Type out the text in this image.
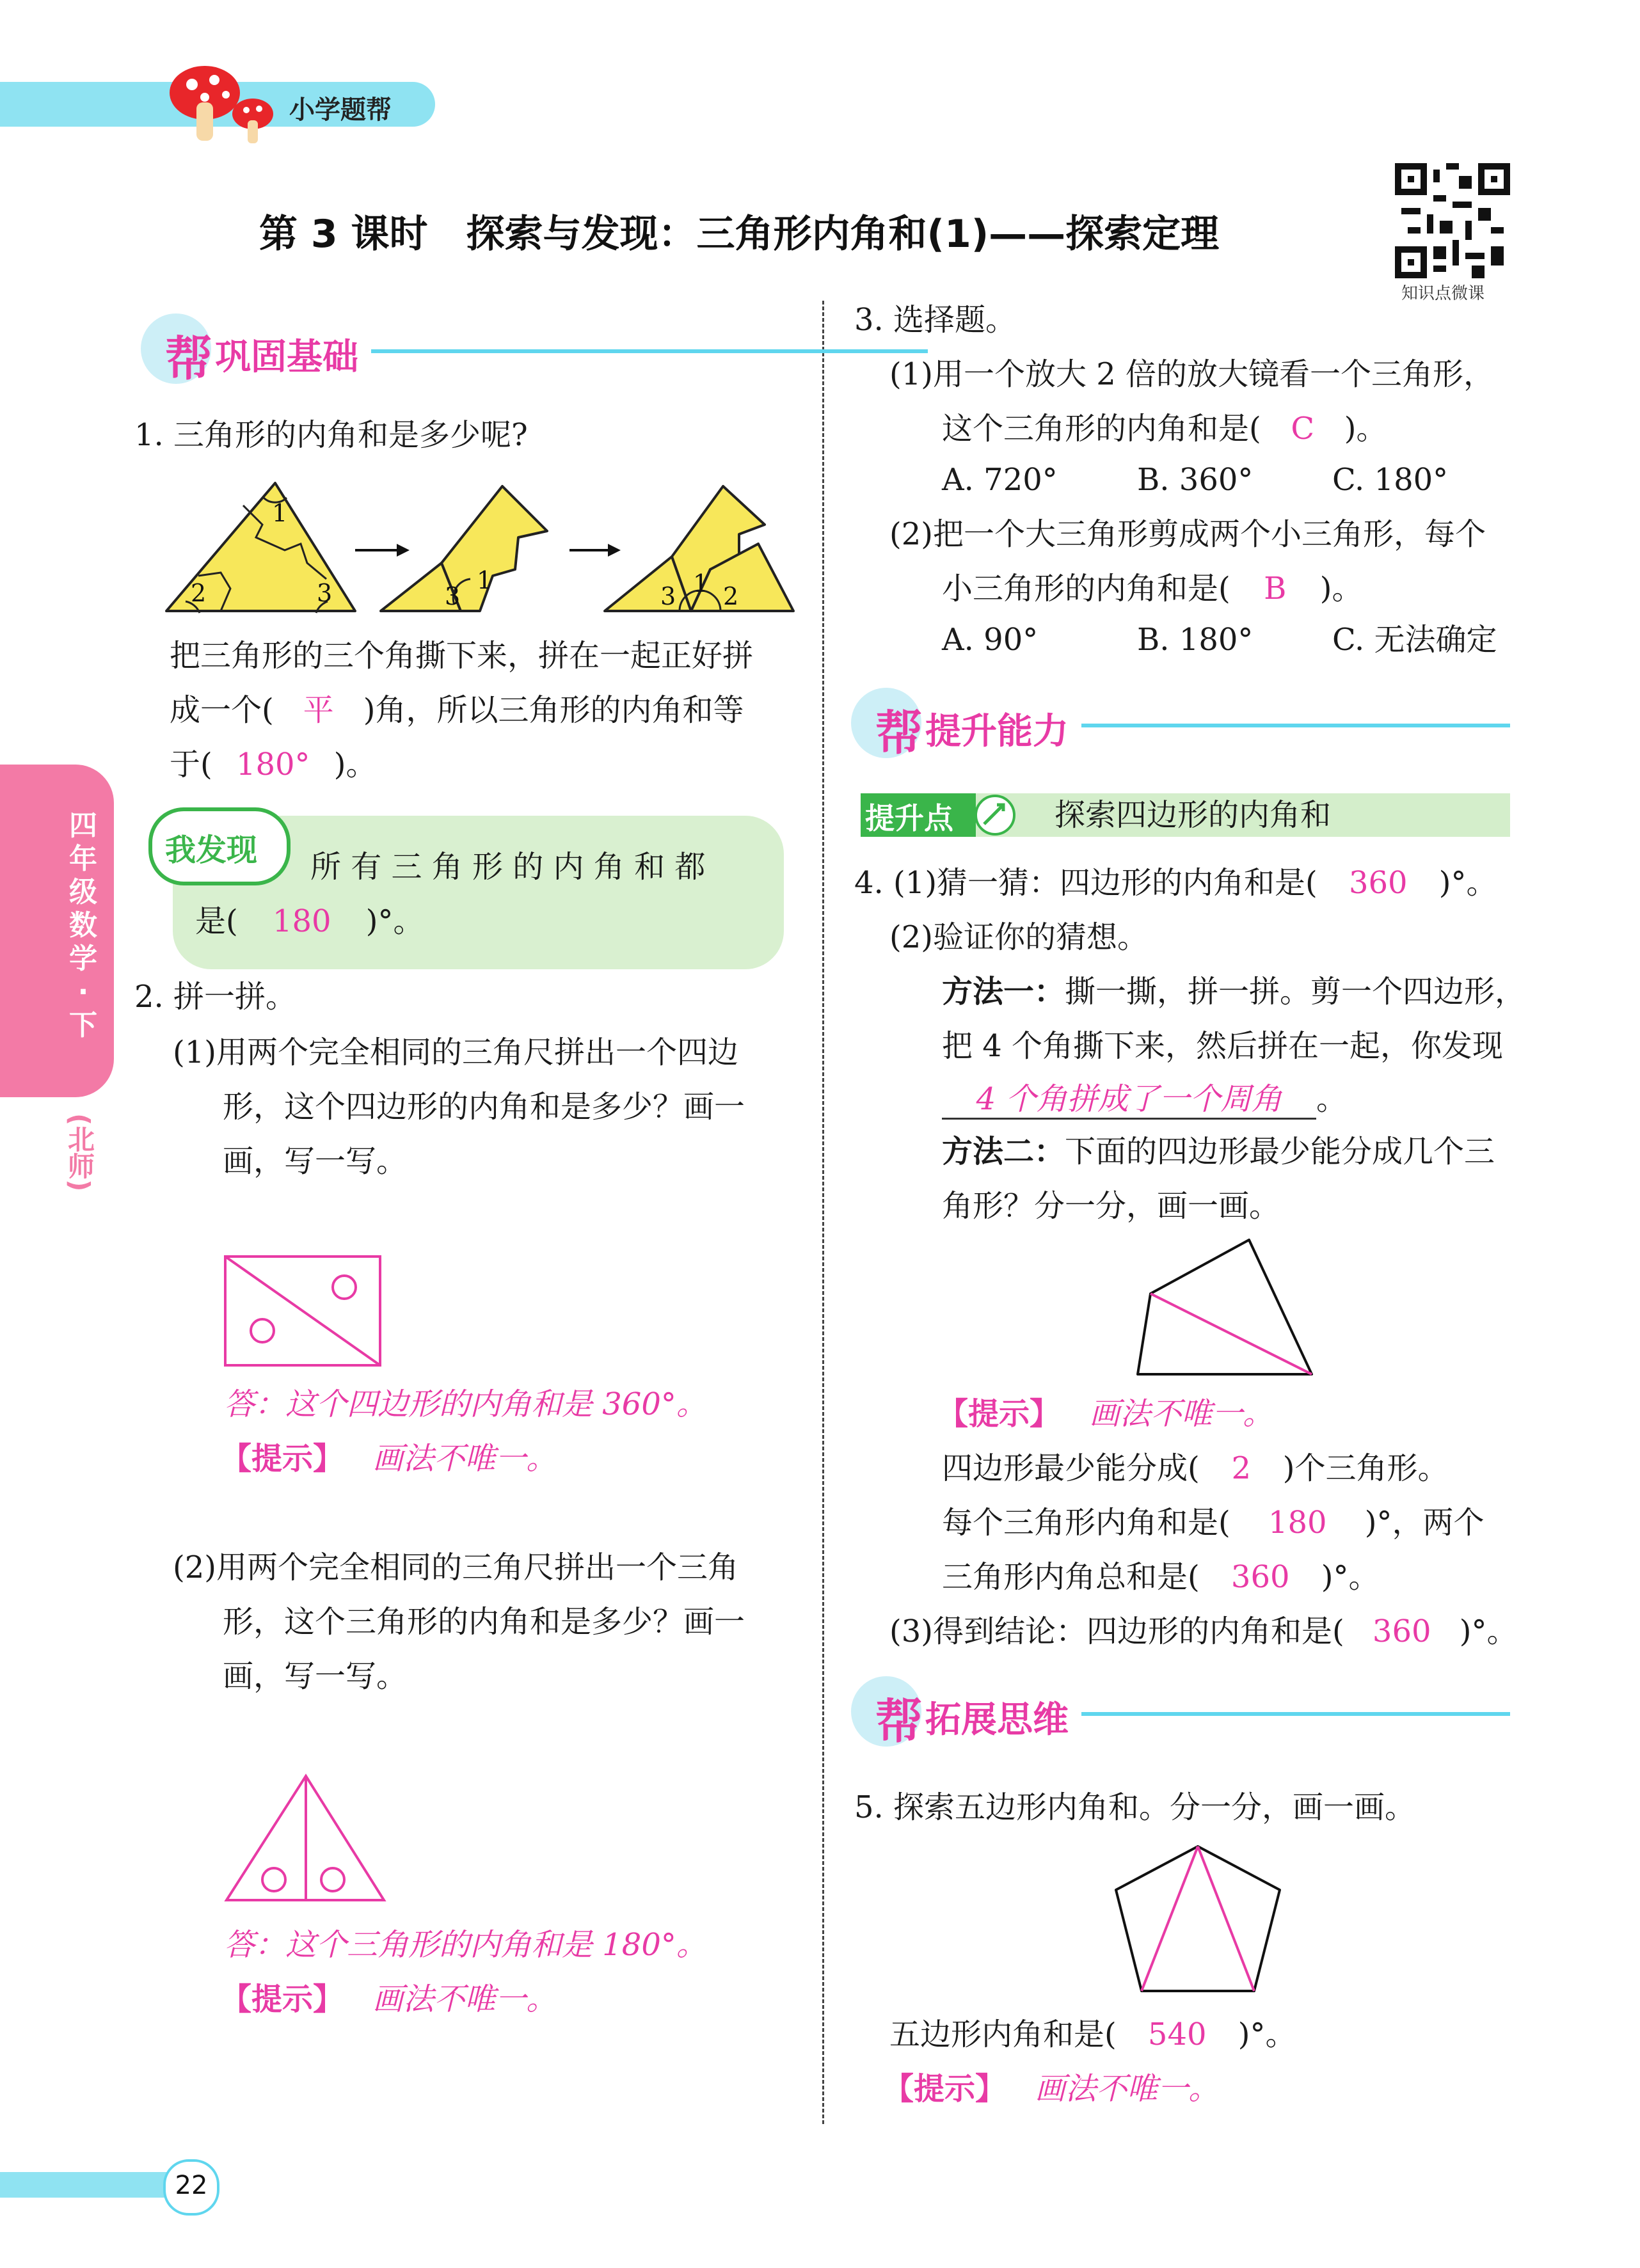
小学题帮
第 3 课时　探索与发现：三角形内角和(1)——探索定理
知识点微课
四
年
级
数
学
·
下
(北师)
帮 巩固基础
1. 三角形的内角和是多少呢?
1
2	3	3
1
3 1 2
把三角形的三个角撕下来，拼在一起正好拼
成一个( 平 )角，所以三角形的内角和等
于( 180° )。
我发现 所 有 三 角 形 的 内 角 和 都
是( 180 )°。
2. 拼一拼。
(1)用两个完全相同的三角尺拼出一个四边
形，这个四边形的内角和是多少？画一
画，写一写。
答：这个四边形的内角和是 360°。
【提示】 画法不唯一。
(2)用两个完全相同的三角尺拼出一个三角
形，这个三角形的内角和是多少？画一
画，写一写。
答：这个三角形的内角和是 180°。
【提示】 画法不唯一。
3. 选择题。
(1)用一个放大 2 倍的放大镜看一个三角形，
这个三角形的内角和是( C )。
A. 720°	B. 360°	C. 180°
(2)把一个大三角形剪成两个小三角形，每个
小三角形的内角和是( B )。
A. 90°	B. 180°	C. 无法确定
帮 提升能力
提升点	探索四边形的内角和
4. (1)猜一猜：四边形的内角和是( 360 )°。
(2)验证你的猜想。
方法一：撕一撕，拼一拼。剪一个四边形，
把 4 个角撕下来，然后拼在一起，你发现
4 个角拼成了一个周角 。
方法二：下面的四边形最少能分成几个三
角形？分一分，画一画。
【提示】 画法不唯一。
四边形最少能分成( 2 )个三角形。
每个三角形内角和是( 180 )°，两个
三角形内角总和是( 360 )°。
(3)得到结论：四边形的内角和是( 360 )°。
帮 拓展思维
5. 探索五边形内角和。分一分，画一画。
五边形内角和是( 540 )°。
【提示】 画法不唯一。
22
